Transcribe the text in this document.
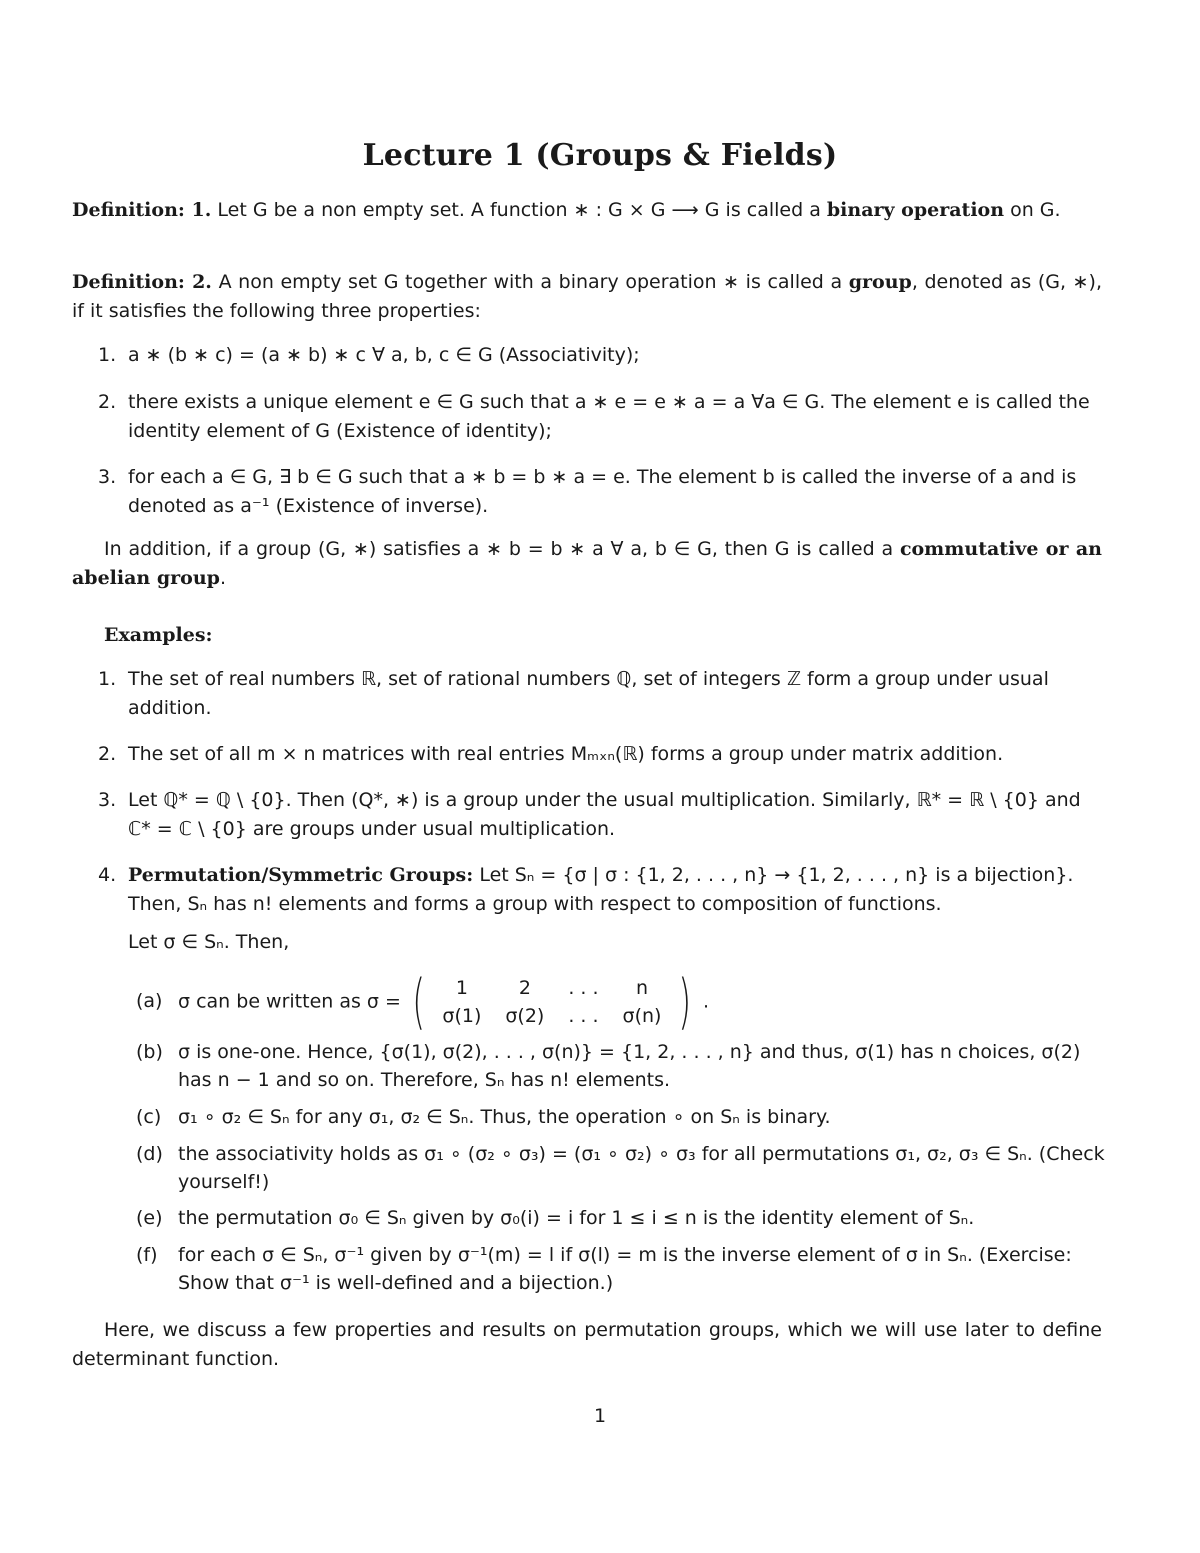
Lecture 1 (Groups & Fields)
Definition: 1. Let G be a non empty set. A function ∗ : G × G ⟶ G is called a binary operation on G.
Definition: 2. A non empty set G together with a binary operation ∗ is called a group, denoted as (G, ∗), if it satisfies the following three properties:
1. a ∗ (b ∗ c) = (a ∗ b) ∗ c ∀ a, b, c ∈ G (Associativity);
2. there exists a unique element e ∈ G such that a ∗ e = e ∗ a = a ∀a ∈ G. The element e is called the identity element of G (Existence of identity);
3. for each a ∈ G, ∃ b ∈ G such that a ∗ b = b ∗ a = e. The element b is called the inverse of a and is denoted as a⁻¹ (Existence of inverse).
In addition, if a group (G, ∗) satisfies a ∗ b = b ∗ a ∀ a, b ∈ G, then G is called a commutative or an abelian group.
Examples:
1. The set of real numbers ℝ, set of rational numbers ℚ, set of integers ℤ form a group under usual addition.
2. The set of all m × n matrices with real entries Mₘₓₙ(ℝ) forms a group under matrix addition.
3. Let ℚ* = ℚ \ {0}. Then (Q*, ∗) is a group under the usual multiplication. Similarly, ℝ* = ℝ \ {0} and ℂ* = ℂ \ {0} are groups under usual multiplication.
4. Permutation/Symmetric Groups: Let Sₙ = {σ | σ : {1, 2, . . . , n} → {1, 2, . . . , n} is a bijection}. Then, Sₙ has n! elements and forms a group with respect to composition of functions.
Let σ ∈ Sₙ. Then,
(a) σ can be written as σ = ( 1	2	. . .	n
σ(1)	σ(2)	. . .	σ(n) ) .
(b) σ is one-one. Hence, {σ(1), σ(2), . . . , σ(n)} = {1, 2, . . . , n} and thus, σ(1) has n choices, σ(2) has n − 1 and so on. Therefore, Sₙ has n! elements.
(c) σ₁ ∘ σ₂ ∈ Sₙ for any σ₁, σ₂ ∈ Sₙ. Thus, the operation ∘ on Sₙ is binary.
(d) the associativity holds as σ₁ ∘ (σ₂ ∘ σ₃) = (σ₁ ∘ σ₂) ∘ σ₃ for all permutations σ₁, σ₂, σ₃ ∈ Sₙ. (Check yourself!)
(e) the permutation σ₀ ∈ Sₙ given by σ₀(i) = i for 1 ≤ i ≤ n is the identity element of Sₙ.
(f) for each σ ∈ Sₙ, σ⁻¹ given by σ⁻¹(m) = l if σ(l) = m is the inverse element of σ in Sₙ. (Exercise: Show that σ⁻¹ is well-defined and a bijection.)
Here, we discuss a few properties and results on permutation groups, which we will use later to define determinant function.
1
